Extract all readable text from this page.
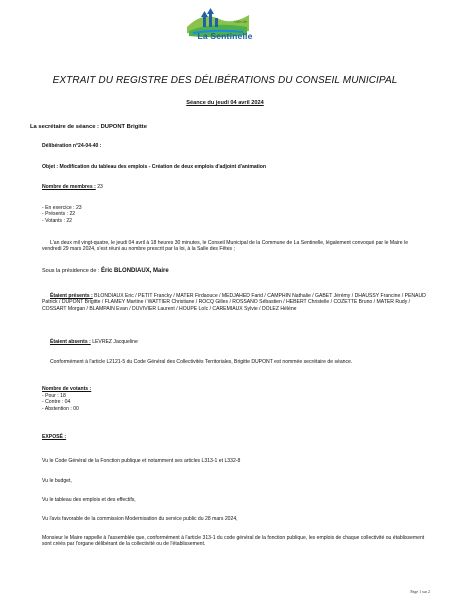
Ville de
La Sentinelle
EXTRAIT DU REGISTRE DES DÉLIBÉRATIONS DU CONSEIL MUNICIPAL
Séance du jeudi 04 avril 2024
La secrétaire de séance : DUPONT Brigitte
Délibération n°24-04-40 :
Objet : Modification du tableau des emplois - Création de deux emplois d'adjoint d'animation
Nombre de membres : 23
- En exercice : 23
- Présents : 22
- Votants : 22
L'an deux mil vingt-quatre, le jeudi 04 avril à 18 heures 30 minutes, le Conseil Municipal de la Commune de La Sentinelle, légalement convoqué par le Maire le vendredi 29 mars 2024, s'est réuni au nombre prescrit par la loi, à la Salle des Fêtes ;
Sous la présidence de : Éric BLONDIAUX, Maire
Étaient présents : BLONDIAUX Eric / PETIT Francky / MATER Firdaouce / MEDJAHED Farid / CAMPHIN Nathalie / GABET Jérémy / DHAUSSY Francine / PENAUD Patrick / DUPONT Brigitte / FLAMEY Martine / WATTIER Christiane / ROCQ Gilles / ROSSANO Sébastien / HEBERT Christelle / COZETTE Bruno / MATER Rudy / COSSART Morgan / BLAMPAIN Evan / DUVIVIER Laurent / HOUPE Loïc / CAREMIAUX Sylvie / DOLEZ Hélène
Étaient absents : LEVREZ Jacqueline
Conformément à l'article L2121-5 du Code Général des Collectivités Territoriales, Brigitte DUPONT est nommée secrétaire de séance.
Nombre de votants :
- Pour : 18
- Contre : 04
- Abstention : 00
EXPOSÉ :
Vu le Code Général de la Fonction publique et notamment ses articles L313-1 et L332-8
Vu le budget,
Vu le tableau des emplois et des effectifs,
Vu l'avis favorable de la commission Modernisation du service public du 28 mars 2024,
Monsieur le Maire rappelle à l'assemblée que, conformément à l'article 313-1 du code général de la fonction publique, les emplois de chaque collectivité ou établissement sont créés par l'organe délibérant de la collectivité ou de l'établissement.
Page 1 sur 2
